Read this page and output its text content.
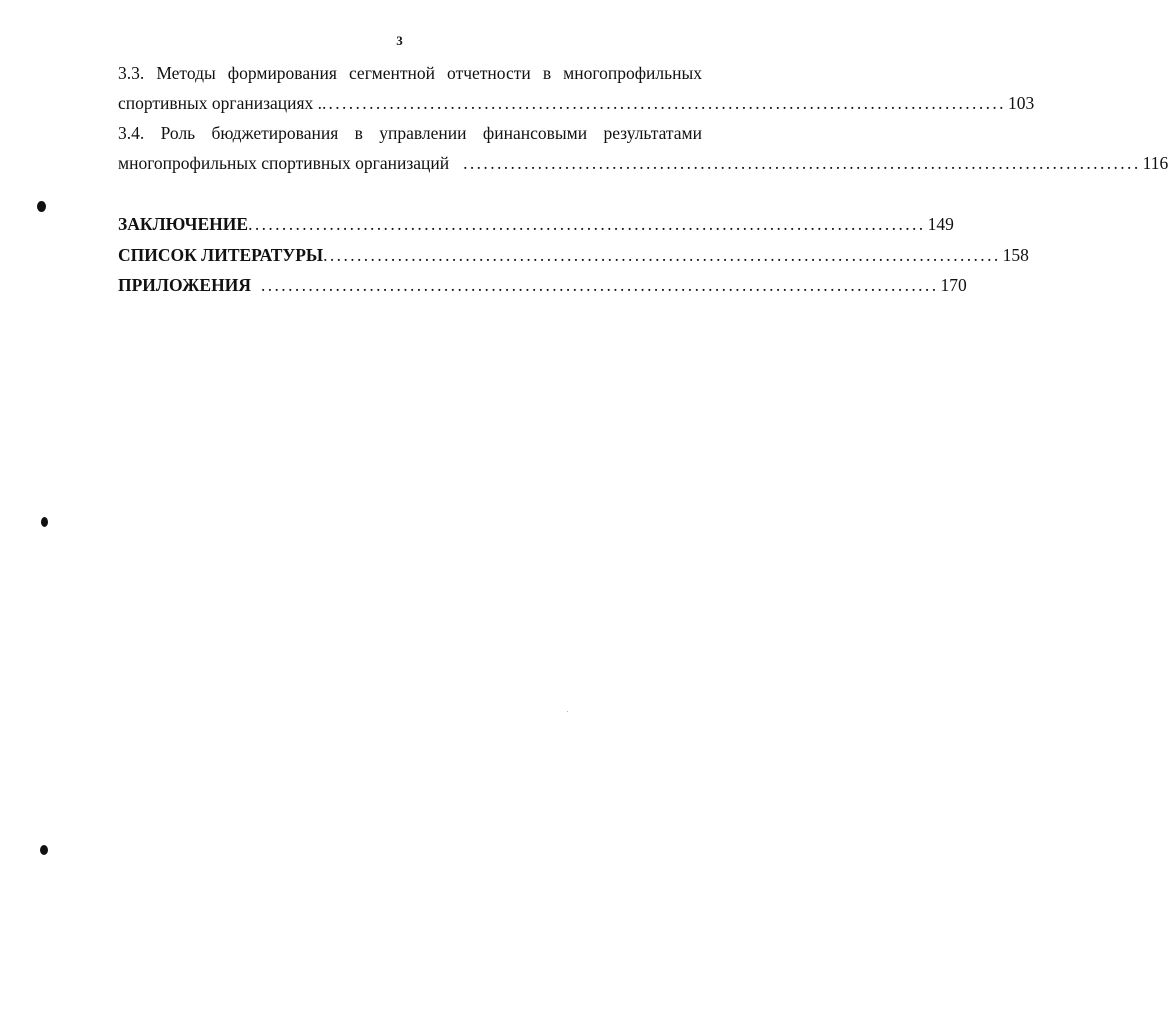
3
3.3. Методы формирования сегментной отчетности в многопрофильных
спортивных организациях .. .................................................................................................... 103
3.4. Роль бюджетирования в управлении финансовыми результатами
многопрофильных спортивных организаций .................................................................................................... 116
ЗАКЛЮЧЕНИЕ .................................................................................................... 149
СПИСОК ЛИТЕРАТУРЫ .................................................................................................... 158
ПРИЛОЖЕНИЯ .................................................................................................... 170
